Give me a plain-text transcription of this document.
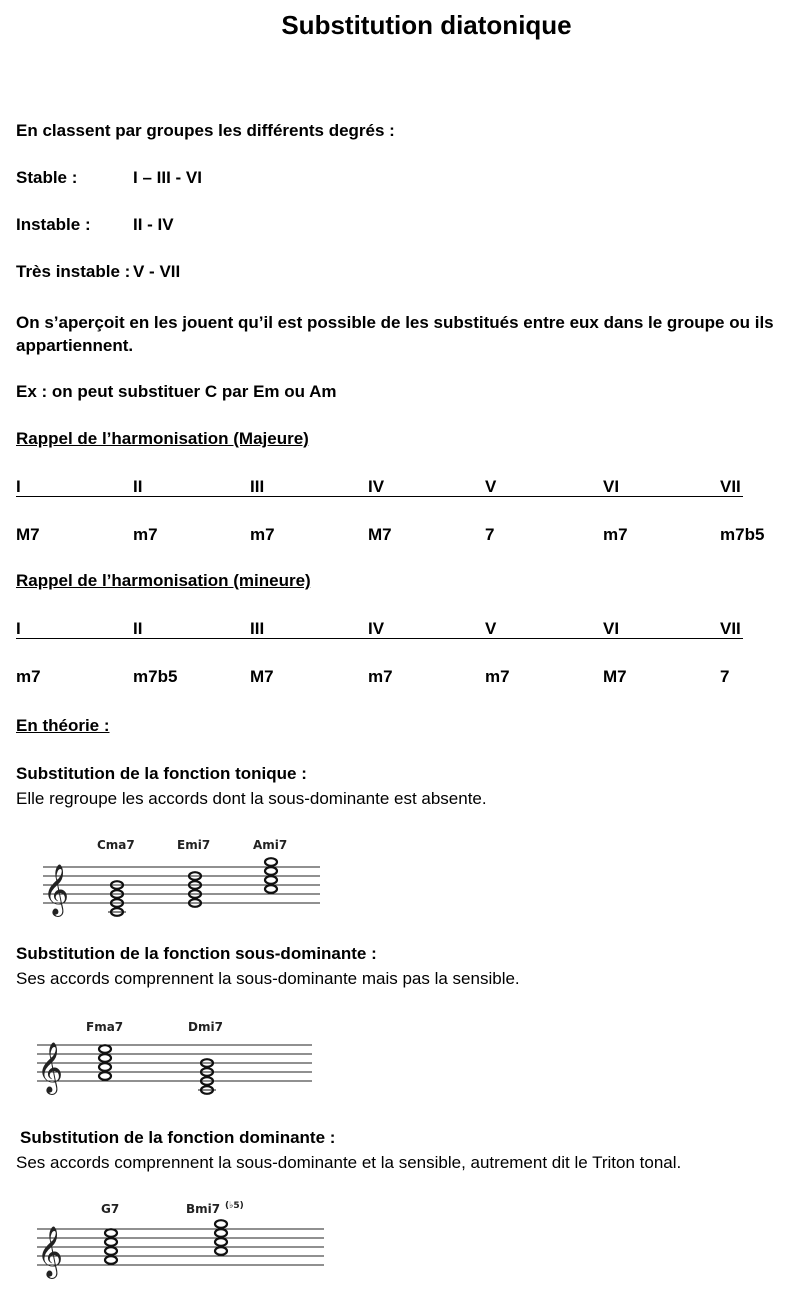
Substitution diatonique
En classent par groupes les différents degrés :
Stable :	I – III - VI
Instable : II - IV
Très instable : V - VII
On s’aperçoit en les jouent qu’il est possible de les substitués entre eux dans le groupe ou ils appartiennent.
Ex : on peut substituer C par Em ou Am
Rappel de l’harmonisation (Majeure)
I	II	III	IV	V	VI	VII
M7	m7	m7	M7	7	m7	m7b5
Rappel de l’harmonisation (mineure)
I	II	III	IV	V	VI	VII
m7	m7b5	M7	m7	m7	M7	7
En théorie :
Substitution de la fonction tonique :
Elle regroupe les accords dont la sous-dominante est absente.
𝄞
Cma7	Emi7	Ami7
Substitution de la fonction sous-dominante :
Ses accords comprennent la sous-dominante mais pas la sensible.
𝄞
Fma7	Dmi7
Substitution de la fonction dominante :
Ses accords comprennent la sous-dominante et la sensible, autrement dit le Triton tonal.
𝄞
G7	Bmi7 (♭5)
